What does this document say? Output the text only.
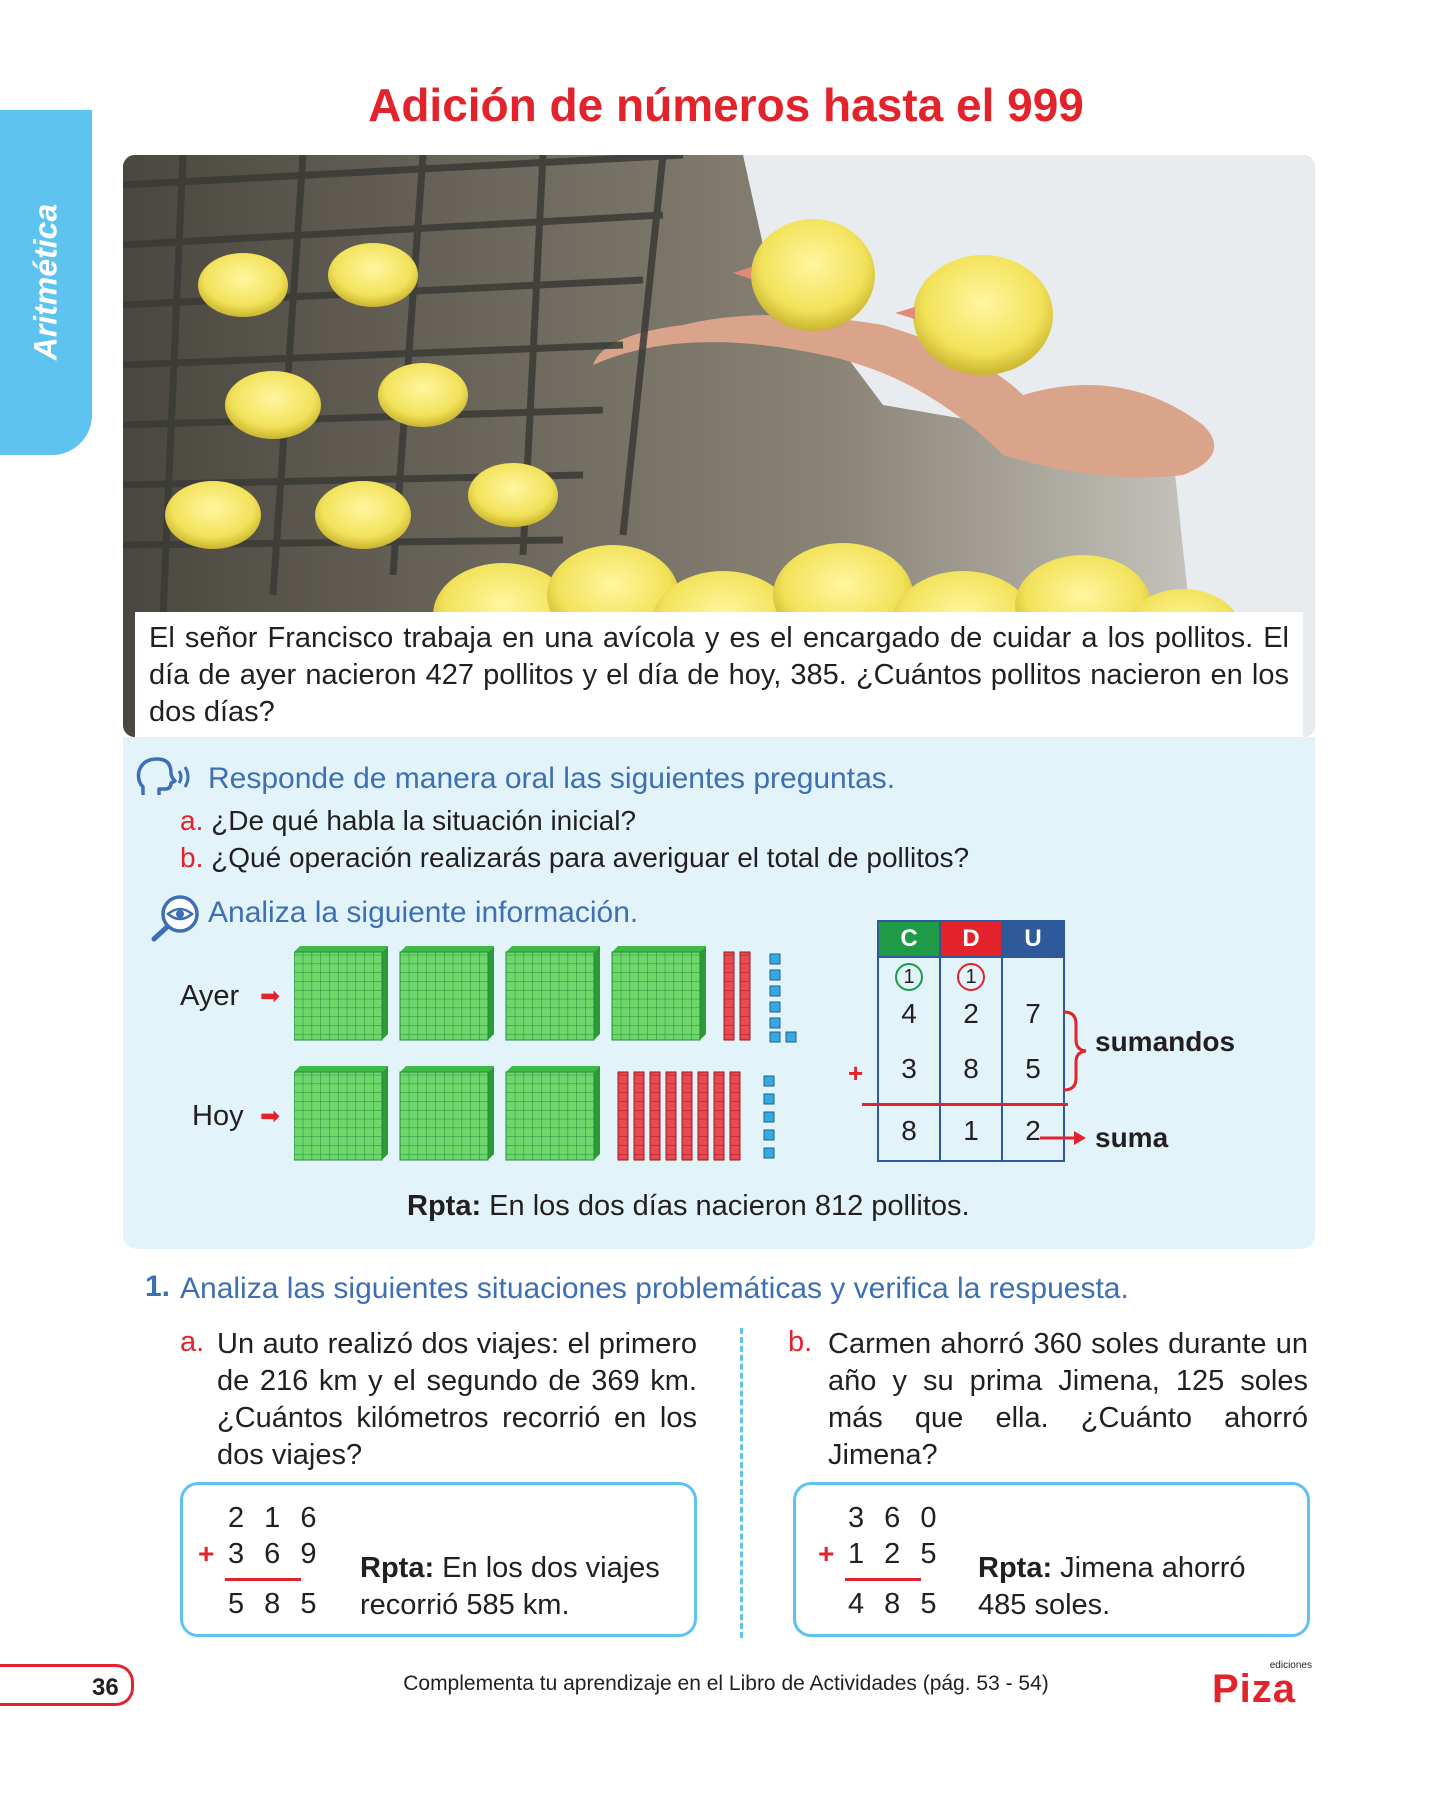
Aritmética
Adición de números hasta el 999

El señor Francisco trabaja en una avícola y es el encargado de cuidar a los pollitos. El día de ayer nacieron 427 pollitos y el día de hoy, 385. ¿Cuántos pollitos nacieron en los dos días?

Responde de manera oral las siguientes preguntas.
a. ¿De qué habla la situación inicial?
b. ¿Qué operación realizarás para averiguar el total de pollitos?
Analiza la siguiente información.
Ayer ➡
Hoy ➡
C	D	U
1	1	
4	2	7
3	8	5
8	1	2
+
sumandos
suma
Rpta: En los dos días nacieron 812 pollitos.
1. Analiza las siguientes situaciones problemáticas y verifica la respuesta.
a. Un auto realizó dos viajes: el primero de 216 km y el segundo de 369 km. ¿Cuántos kilómetros recorrió en los dos viajes?

2 1 6
+ 3 6 9
5 8 5
Rpta: En los dos viajes
recorrió 585 km.
b. Carmen ahorró 360 soles durante un año y su prima Jimena, 125 soles más que ella. ¿Cuánto ahorró Jimena?

3 6 0
+ 1 2 5
4 8 5
Rpta: Jimena ahorró
485 soles.
36	Complementa tu aprendizaje en el Libro de Actividades (pág. 53 - 54)
ediciones
Piza
